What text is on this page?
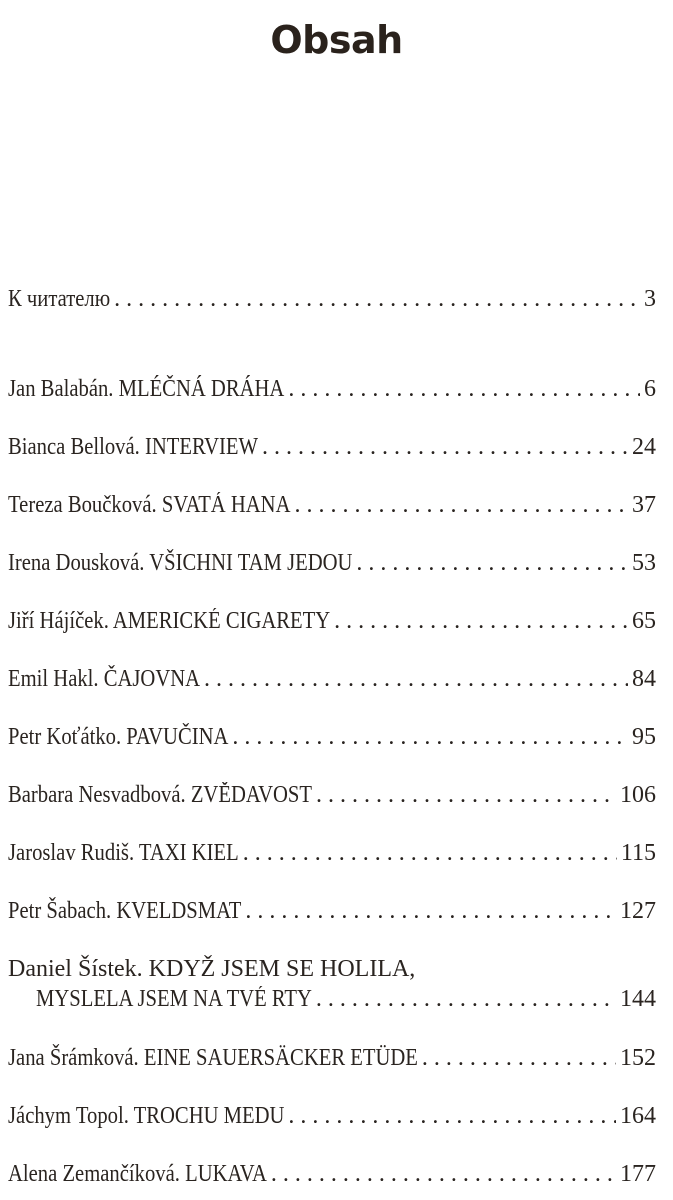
Obsah
К читателю . . .	3
Jan Balabán. MLÉČNÁ DRÁHA . . .	6
Bianca Bellová. INTERVIEW . . .	24
Tereza Boučková. SVATÁ HANA . . .	37
Irena Dousková. VŠICHNI TAM JEDOU . . .	53
Jiří Hájíček. AMERICKÉ CIGARETY . . .	65
Emil Hakl. ČAJOVNA . . .	84
Petr Koťátko. PAVUČINA . . .	95
Barbara Nesvadbová. ZVĚDAVOST . . .	106
Jaroslav Rudiš. TAXI KIEL . . .	115
Petr Šabach. KVELDSMAT . . .	127
Daniel Šístek. KDYŽ JSEM SE HOLILA,
MYSLELA JSEM NA TVÉ RTY . . .	144
Jana Šrámková. EINE SAUERSÄCKER ETÜDE . . .	152
Jáchym Topol. TROCHU MEDU . . .	164
Alena Zemančíková. LUKAVA . . .	177
